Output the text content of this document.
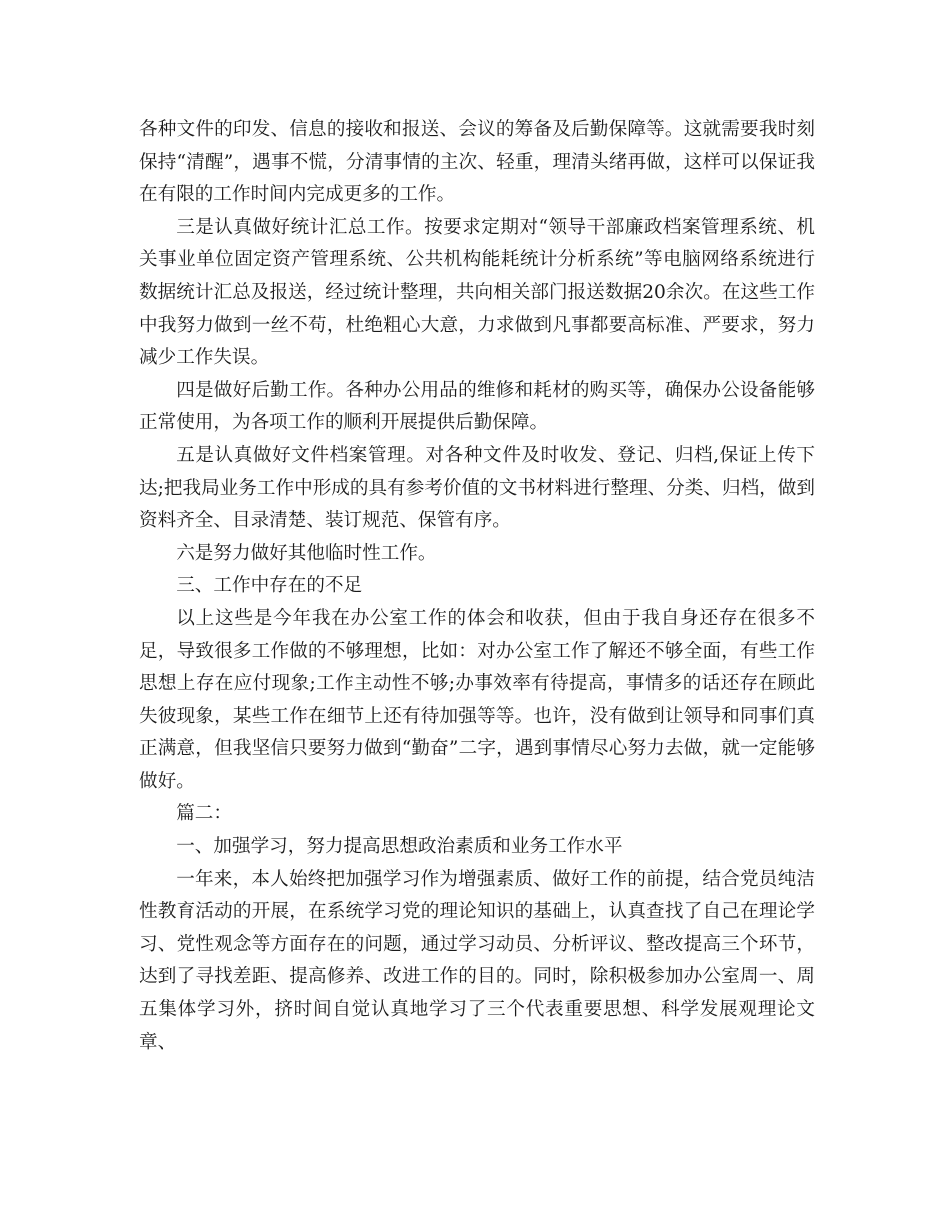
各种文件的印发、信息的接收和报送、会议的筹备及后勤保障等。这就需要我时刻保持“清醒”，遇事不慌，分清事情的主次、轻重，理清头绪再做，这样可以保证我在有限的工作时间内完成更多的工作。

三是认真做好统计汇总工作。按要求定期对“领导干部廉政档案管理系统、机关事业单位固定资产管理系统、公共机构能耗统计分析系统”等电脑网络系统进行数据统计汇总及报送，经过统计整理，共向相关部门报送数据20余次。在这些工作中我努力做到一丝不苟，杜绝粗心大意，力求做到凡事都要高标准、严要求，努力减少工作失误。

四是做好后勤工作。各种办公用品的维修和耗材的购买等，确保办公设备能够正常使用，为各项工作的顺利开展提供后勤保障。

五是认真做好文件档案管理。对各种文件及时收发、登记、归档,保证上传下达;把我局业务工作中形成的具有参考价值的文书材料进行整理、分类、归档，做到资料齐全、目录清楚、装订规范、保管有序。

六是努力做好其他临时性工作。

三、工作中存在的不足

以上这些是今年我在办公室工作的体会和收获，但由于我自身还存在很多不足，导致很多工作做的不够理想，比如：对办公室工作了解还不够全面，有些工作思想上存在应付现象;工作主动性不够;办事效率有待提高，事情多的话还存在顾此失彼现象，某些工作在细节上还有待加强等等。也许，没有做到让领导和同事们真正满意，但我坚信只要努力做到“勤奋”二字，遇到事情尽心努力去做，就一定能够做好。

篇二：

一、加强学习，努力提高思想政治素质和业务工作水平

一年来，本人始终把加强学习作为增强素质、做好工作的前提，结合党员纯洁性教育活动的开展，在系统学习党的理论知识的基础上，认真查找了自己在理论学习、党性观念等方面存在的问题，通过学习动员、分析评议、整改提高三个环节，达到了寻找差距、提高修养、改进工作的目的。同时，除积极参加办公室周一、周五集体学习外，挤时间自觉认真地学习了三个代表重要思想、科学发展观理论文章、
